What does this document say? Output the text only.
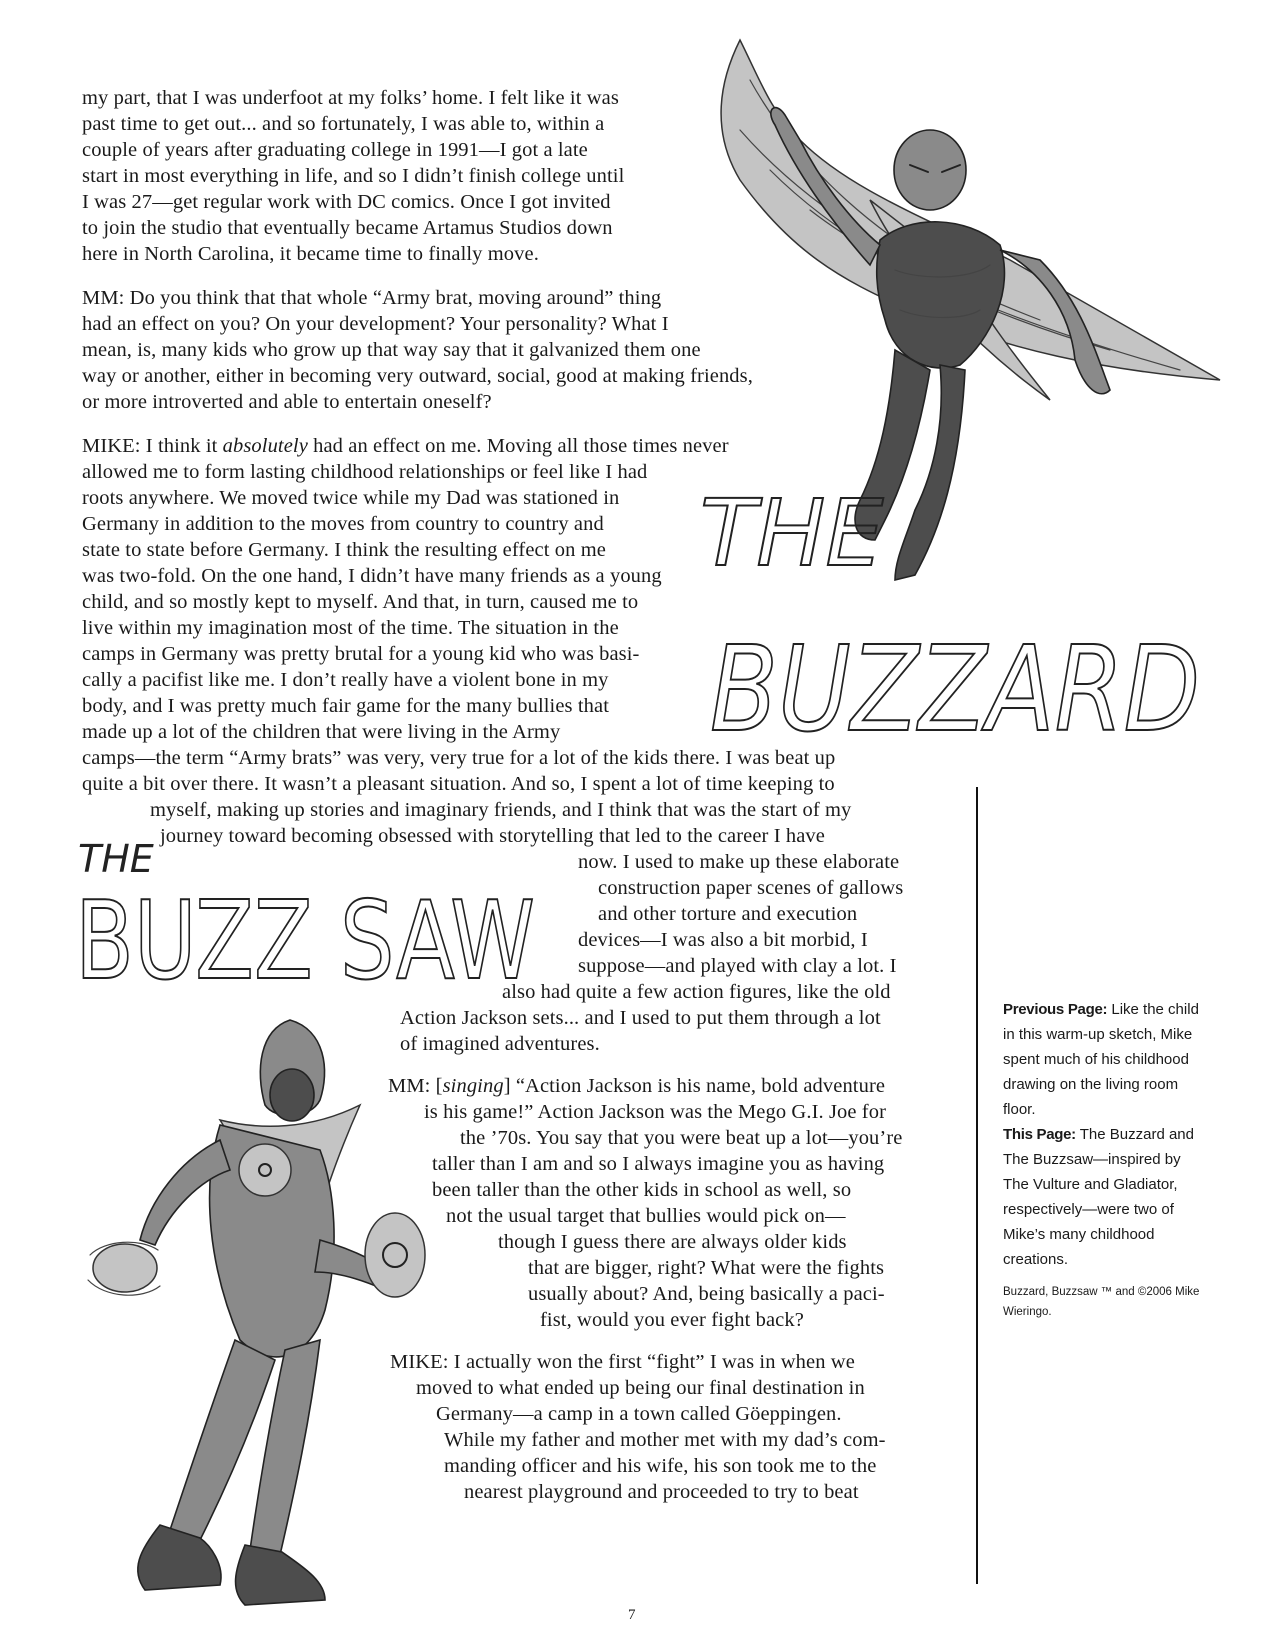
THE
BUZZARD
THE
BUZZ SAW
my part, that I was underfoot at my folks’ home. I felt like it was
past time to get out... and so fortunately, I was able to, within a
couple of years after graduating college in 1991—I got a late
start in most everything in life, and so I didn’t finish college until
I was 27—get regular work with DC comics. Once I got invited
to join the studio that eventually became Artamus Studios down
here in North Carolina, it became time to finally move.
MM: Do you think that that whole “Army brat, moving around” thing
had an effect on you? On your development? Your personality? What I
mean, is, many kids who grow up that way say that it galvanized them one
way or another, either in becoming very outward, social, good at making friends,
or more introverted and able to entertain oneself?
MIKE: I think it absolutely had an effect on me. Moving all those times never
allowed me to form lasting childhood relationships or feel like I had
roots anywhere. We moved twice while my Dad was stationed in
Germany in addition to the moves from country to country and
state to state before Germany. I think the resulting effect on me
was two-fold. On the one hand, I didn’t have many friends as a young
child, and so mostly kept to myself. And that, in turn, caused me to
live within my imagination most of the time. The situation in the
camps in Germany was pretty brutal for a young kid who was basi-
cally a pacifist like me. I don’t really have a violent bone in my
body, and I was pretty much fair game for the many bullies that
made up a lot of the children that were living in the Army
camps—the term “Army brats” was very, very true for a lot of the kids there. I was beat up
quite a bit over there. It wasn’t a pleasant situation. And so, I spent a lot of time keeping to
myself, making up stories and imaginary friends, and I think that was the start of my
journey toward becoming obsessed with storytelling that led to the career I have
now. I used to make up these elaborate
construction paper scenes of gallows
and other torture and execution
devices—I was also a bit morbid, I
suppose—and played with clay a lot. I
also had quite a few action figures, like the old
Action Jackson sets... and I used to put them through a lot
of imagined adventures.
MM: [singing] “Action Jackson is his name, bold adventure
is his game!” Action Jackson was the Mego G.I. Joe for
the ’70s. You say that you were beat up a lot—you’re
taller than I am and so I always imagine you as having
been taller than the other kids in school as well, so
not the usual target that bullies would pick on—
though I guess there are always older kids
that are bigger, right? What were the fights
usually about? And, being basically a paci-
fist, would you ever fight back?
MIKE: I actually won the first “fight” I was in when we
moved to what ended up being our final destination in
Germany—a camp in a town called Göeppingen.
While my father and mother met with my dad’s com-
manding officer and his wife, his son took me to the
nearest playground and proceeded to try to beat
Previous Page: Like the child in this warm-up sketch, Mike spent much of his childhood drawing on the living room floor.
This Page: The Buzzard and The Buzzsaw—inspired by The Vulture and Gladiator, respectively—were two of Mike’s many childhood creations.
Buzzard, Buzzsaw ™ and ©2006 Mike Wieringo.
7
